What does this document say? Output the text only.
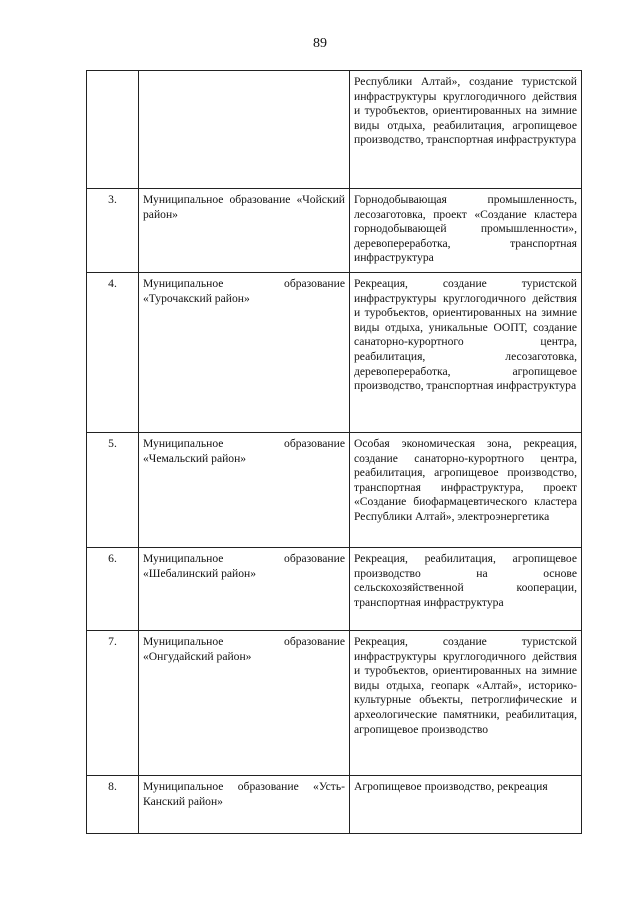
89
		Республики Алтай», создание туристской инфраструктуры круглогодичного действия и туробъектов, ориентированных на зимние виды отдыха, реабилитация, агропищевое производство, транспортная инфраструктура
3.	Муниципальное образование «Чойский район»	Горнодобывающая промышленность, лесозаготовка, проект «Создание кластера горнодобывающей промышленности», деревопереработка, транспортная инфраструктура
4.	Муниципальное образование «Турочакский район»	Рекреация, создание туристской инфраструктуры круглогодичного действия и туробъектов, ориентированных на зимние виды отдыха, уникальные ООПТ, создание санаторно-курортного центра, реабилитация, лесозаготовка, деревопереработка, агропищевое производство, транспортная инфраструктура
5.	Муниципальное образование «Чемальский район»	Особая экономическая зона, рекреация, создание санаторно-курортного центра, реабилитация, агропищевое производство, транспортная инфраструктура, проект «Создание биофармацевтического кластера Республики Алтай», электроэнергетика
6.	Муниципальное образование «Шебалинский район»	Рекреация, реабилитация, агропищевое производство на основе сельскохозяйственной кооперации, транспортная инфраструктура
7.	Муниципальное образование «Онгудайский район»	Рекреация, создание туристской инфраструктуры круглогодичного действия и туробъектов, ориентированных на зимние виды отдыха, геопарк «Алтай», историко-культурные объекты, петроглифические и археологические памятники, реабилитация, агропищевое производство
8.	Муниципальное образование «Усть-Канский район»	Агропищевое производство, рекреация
